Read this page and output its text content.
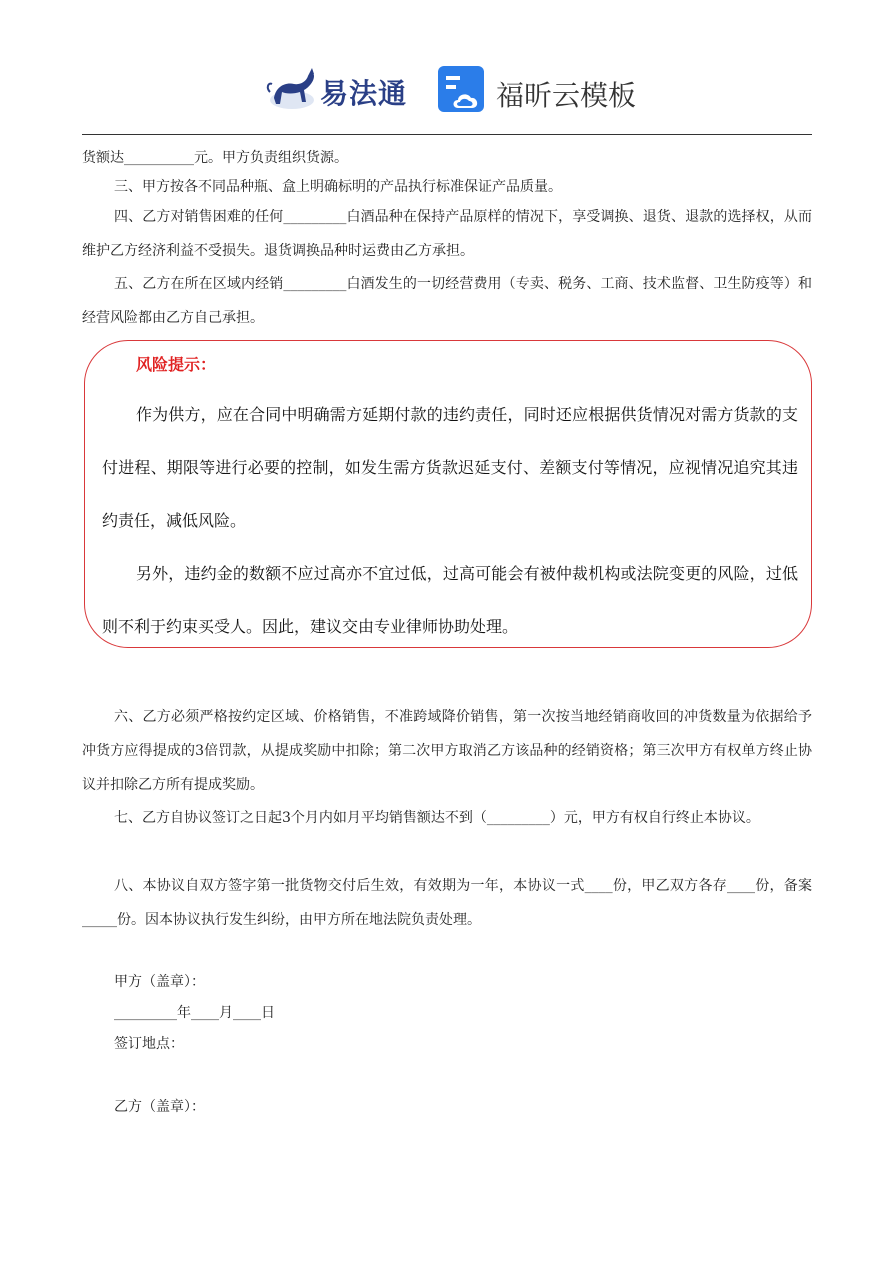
易法通	福昕云模板
货额达__________元。甲方负责组织货源。
三、甲方按各不同品种瓶、盒上明确标明的产品执行标准保证产品质量。
四、乙方对销售困难的任何_________白酒品种在保持产品原样的情况下，享受调换、退货、退款的选择权，从而维护乙方经济利益不受损失。退货调换品种时运费由乙方承担。
五、乙方在所在区域内经销_________白酒发生的一切经营费用（专卖、税务、工商、技术监督、卫生防疫等）和经营风险都由乙方自己承担。
风险提示：
作为供方，应在合同中明确需方延期付款的违约责任，同时还应根据供货情况对需方货款的支付进程、期限等进行必要的控制，如发生需方货款迟延支付、差额支付等情况，应视情况追究其违约责任，减低风险。
另外，违约金的数额不应过高亦不宜过低，过高可能会有被仲裁机构或法院变更的风险，过低则不利于约束买受人。因此，建议交由专业律师协助处理。
六、乙方必须严格按约定区域、价格销售，不准跨域降价销售，第一次按当地经销商收回的冲货数量为依据给予冲货方应得提成的3倍罚款，从提成奖励中扣除；第二次甲方取消乙方该品种的经销资格；第三次甲方有权单方终止协议并扣除乙方所有提成奖励。
七、乙方自协议签订之日起3个月内如月平均销售额达不到（_________）元，甲方有权自行终止本协议。
八、本协议自双方签字第一批货物交付后生效，有效期为一年，本协议一式____份，甲乙双方各存____份，备案_____份。因本协议执行发生纠纷，由甲方所在地法院负责处理。
甲方（盖章）：
_________年____月____日
签订地点：
乙方（盖章）：
